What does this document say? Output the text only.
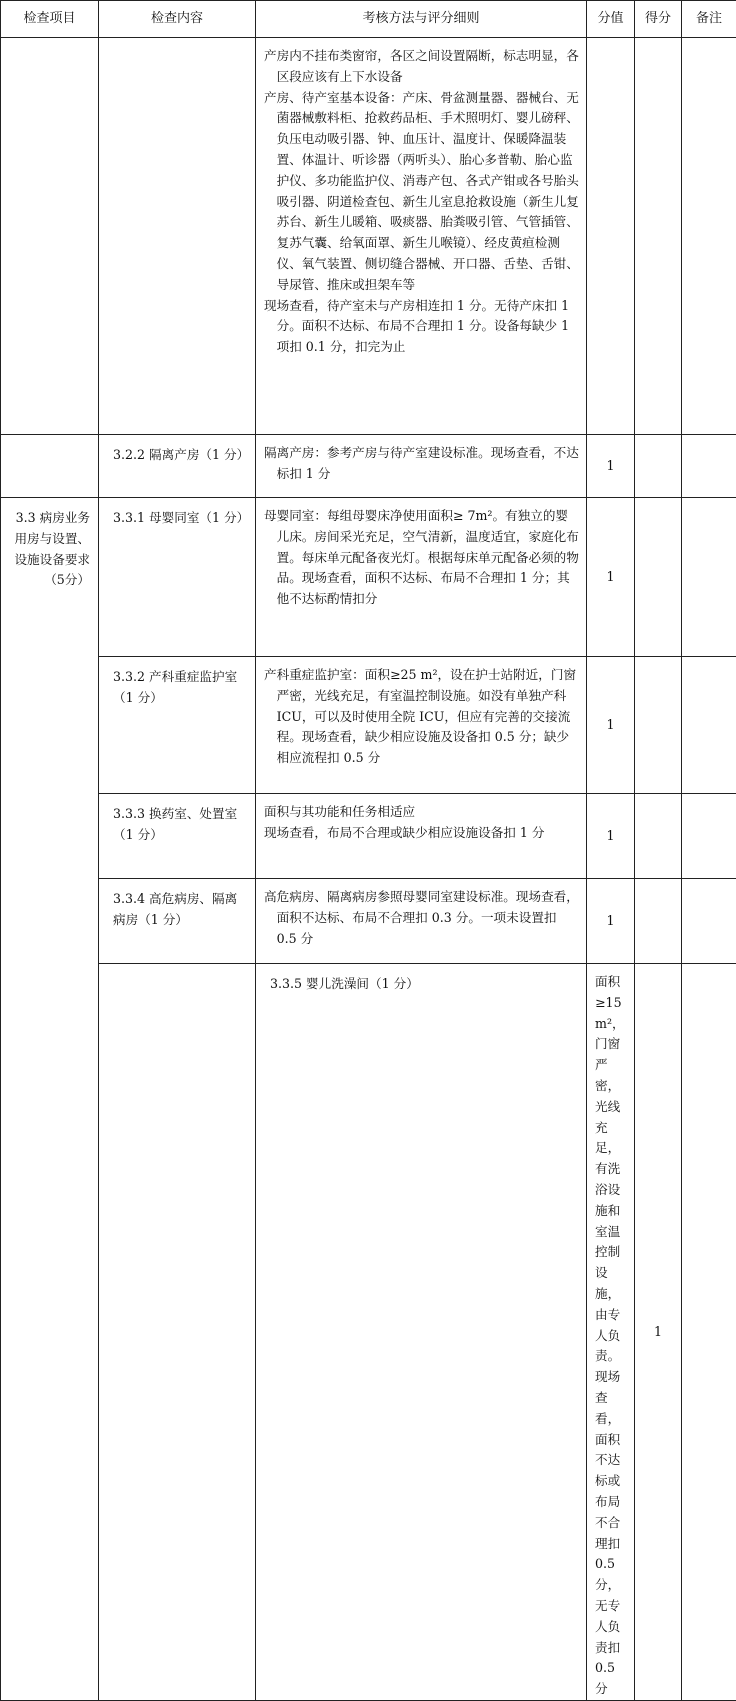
检查项目	检查内容	考核方法与评分细则	分值	得分	备注	

		产房内不挂布类窗帘，各区之间设置隔断，标志明显，各区段应该有上下水设备

产房、待产室基本设备：产床、骨盆测量器、器械台、无菌器械敷料柜、抢救药品柜、手术照明灯、婴儿磅秤、负压电动吸引器、钟、血压计、温度计、保暖降温装置、体温计、听诊器（两听头）、胎心多普勒、胎心监护仪、多功能监护仪、消毒产包、各式产钳或各号胎头吸引器、阴道检查包、新生儿室息抢救设施（新生儿复苏台、新生儿暖箱、吸痰器、胎粪吸引管、气管插管、复苏气囊、给氧面罩、新生儿喉镜）、经皮黄疸检测仪、氧气装置、侧切缝合器械、开口器、舌垫、舌钳、导尿管、推床或担架车等

现场查看，待产室未与产房相连扣 1 分。无待产床扣 1 分。面积不达标、布局不合理扣 1 分。设备每缺少 1 项扣 0.1 分，扣完为止				

	3.2.2 隔离产房（1 分）	隔离产房：参考产房与待产室建设标准。现场查看，不达标扣 1 分	1			

3.3 病房业务用房与设置、设施设备要求（5分）	3.3.1 母婴同室（1 分）	母婴同室：每组母婴床净使用面积≥ 7m²。有独立的婴儿床。房间采光充足，空气清新，温度适宜，家庭化布置。每床单元配备夜光灯。根据每床单元配备必须的物品。现场查看，面积不达标、布局不合理扣 1 分；其他不达标酌情扣分	1			
	3.3.2 产科重症监护室（1 分）	产科重症监护室：面积≥25 m²，设在护士站附近，门窗严密，光线充足，有室温控制设施。如没有单独产科 ICU，可以及时使用全院 ICU，但应有完善的交接流程。现场查看，缺少相应设施及设备扣 0.5 分；缺少相应流程扣 0.5 分	1			
	3.3.3 换药室、处置室（1 分）	面积与其功能和任务相适应

现场查看，布局不合理或缺少相应设施设备扣 1 分	1			
	3.3.4 高危病房、隔离病房（1 分）	高危病房、隔离病房参照母婴同室建设标准。现场查看，面积不达标、布局不合理扣 0.3 分。一项未设置扣 0.5 分	1			
		3.3.5 婴儿洗澡间（1 分）	面积≥15 m²，门窗严密，光线充足，有洗浴设施和室温控制设施，由专人负责。现场查看，面积不达标或布局不合理扣 0.5 分，无专人负责扣 0.5 分	1		
